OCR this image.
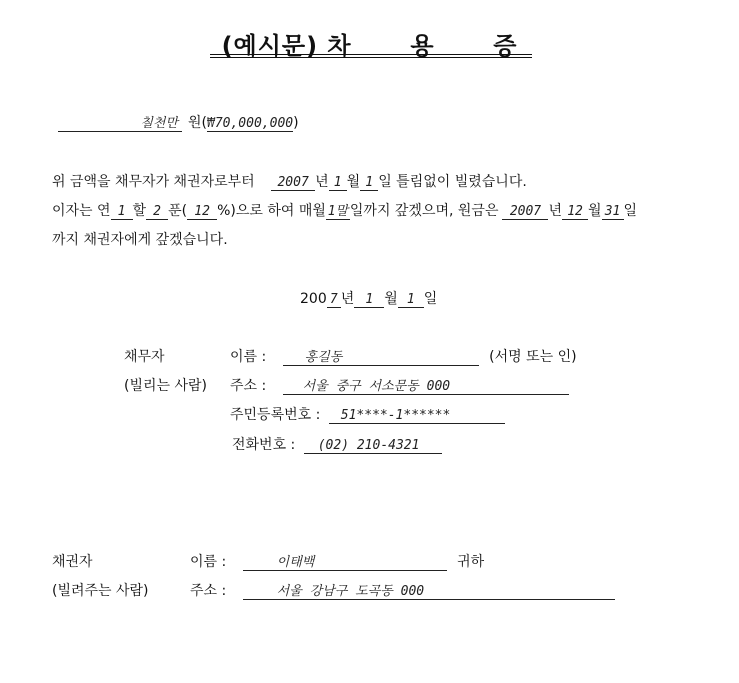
(예시문) 차 용 증
칠천만 원(₩70,000,000)
위 금액을 채무자가 채권자로부터 2007 년 1 월 1 일 틀림없이 빌렸습니다.
이자는 연 1 할 2 푼( 12 %)으로 하여 매월 1말 일까지 갚겠으며, 원금은 2007 년 12 월 31 일
까지 채권자에게 갚겠습니다.
200 7 년 1 월 1 일
채무자
(빌리는 사람)
이름 :	홍길동	(서명 또는 인)
주소 :	서울 중구 서소문동 000
주민등록번호 : 51****-1******
전화번호 : (02) 210-4321
채권자
(빌려주는 사람)
이름 :	이태백	귀하
주소 :	서울 강남구 도곡동 000
